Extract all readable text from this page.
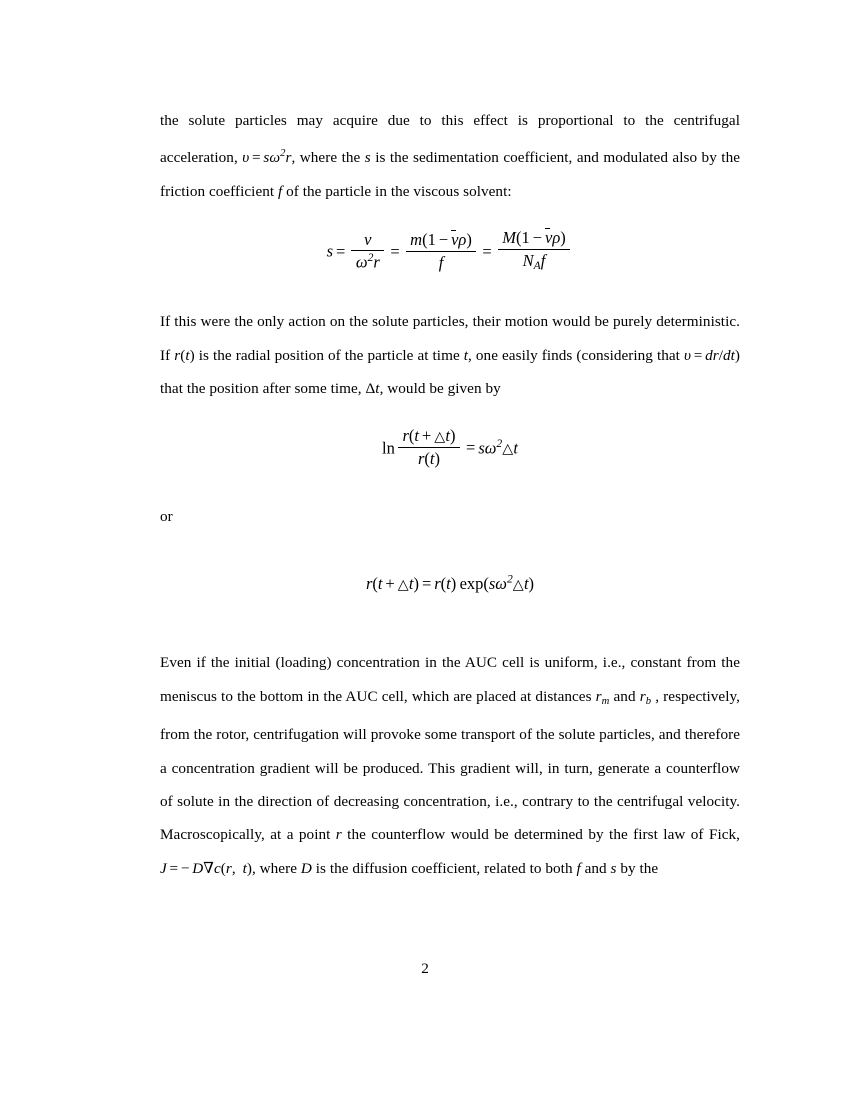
the solute particles may acquire due to this effect is proportional to the centrifugal acceleration, $\upsilon = s\omega^2r$, where the s is the sedimentation coefficient, and modulated also by the friction coefficient f of the particle in the viscous solvent:

$s = \frac{\nu}{\omega^2r} = \frac{m(1 - \nu\rho)}{f} = \frac{M(1 - \nu\rho)}{N_Af}$

If this were the only action on the solute particles, their motion would be purely deterministic. If r(t) is the radial position of the particle at time t, one easily finds (considering that υ = dr/dt) that the position after some time, Δt, would be given by

$\ln \frac{r(t + \triangle t)}{r(t)}$ = $s\omega^2\triangle t$

or

r(t + △t) = r(t) $\exp(s\omega^2\triangle t)$

Even if the initial (loading) concentration in the AUC cell is uniform, i.e., constant from the meniscus to the bottom in the AUC cell, which are placed at distances $r_m$ and $r_b$ , respectively, from the rotor, centrifugation will provoke some transport of the solute particles, and therefore a concentration gradient will be produced. This gradient will, in turn, generate a counterflow of solute in the direction of decreasing concentration, i.e., contrary to the centrifugal velocity. Macroscopically, at a point r the counterflow would be determined by the first law of Fick, J = − D∇c(r, t), where D is the diffusion coefficient, related to both f and s by the

2
